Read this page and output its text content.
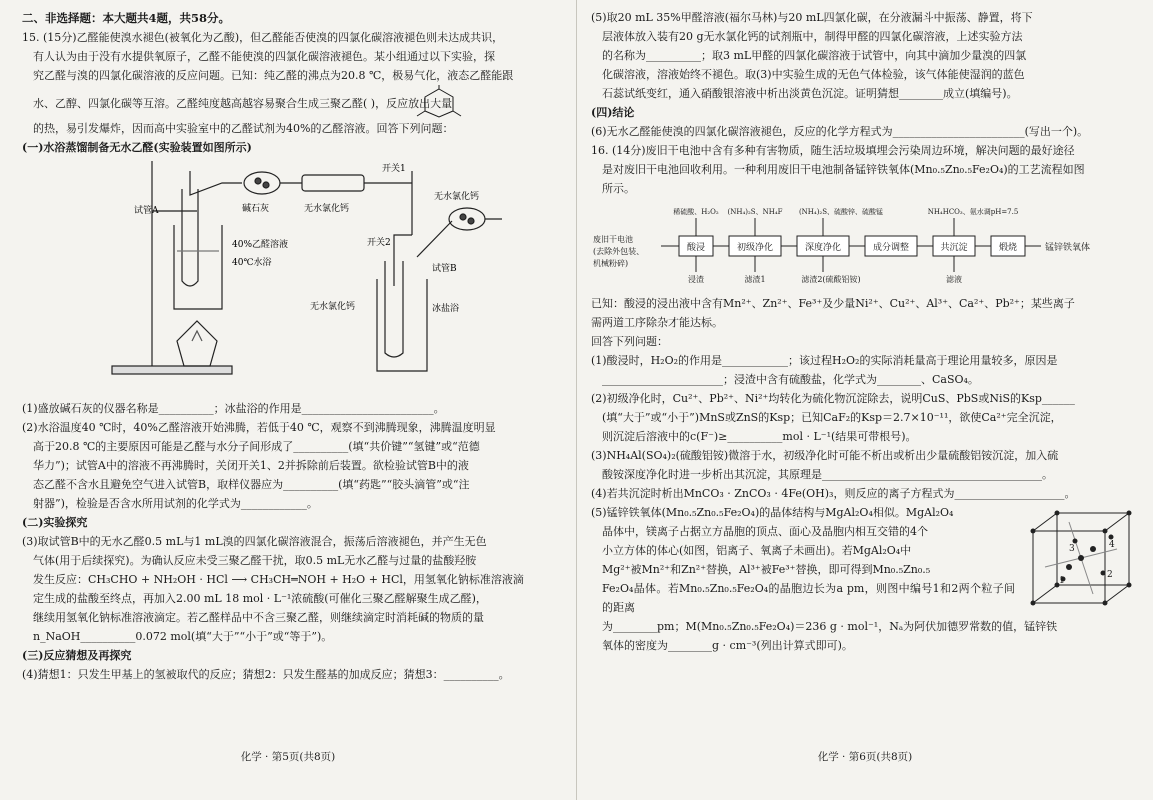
二、非选择题：本大题共4题，共58分。

15. (15分)乙醛能使溴水褪色(被氧化为乙酸)，但乙醛能否使溴的四氯化碳溶液褪色则未达成共识，

有人认为由于没有水提供氧原子，乙醛不能使溴的四氯化碳溶液褪色。某小组通过以下实验，探

究乙醛与溴的四氯化碳溶液的反应问题。已知：纯乙醛的沸点为20.8 ℃，极易气化，液态乙醛能跟

水、乙醇、四氯化碳等互溶。乙醛纯度越高越容易聚合生成三聚乙醛( )，反应放出大量

的热，易引发爆炸，因而高中实验室中的乙醛试剂为40%的乙醛溶液。回答下列问题：

(一)水浴蒸馏制备无水乙醛(实验装置如图所示)

试管A	碱石灰	无水氯化钙
开关1
开关2
无水氯化钙
40%乙醛溶液
40℃水浴
试管B
无水氯化钙	冰盐浴

(1)盛放碱石灰的仪器名称是__________；冰盐浴的作用是________________________。

(2)水浴温度40 ℃时，40%乙醛溶液开始沸腾，若低于40 ℃，观察不到沸腾现象，沸腾温度明显

高于20.8 ℃的主要原因可能是乙醛与水分子间形成了__________(填“共价键”“氢键”或“范德

华力”)；试管A中的溶液不再沸腾时，关闭开关1、2并拆除前后装置。欲检验试管B中的液

态乙醛不含水且避免空气进入试管B，取样仪器应为__________(填“药匙”“胶头滴管”或“注

射器”)，检验是否含水所用试剂的化学式为____________。

(二)实验探究

(3)取试管B中的无水乙醛0.5 mL与1 mL溴的四氯化碳溶液混合，振荡后溶液褪色，并产生无色

气体(用于后续探究)。为确认反应未受三聚乙醛干扰，取0.5 mL无水乙醛与过量的盐酸羟胺

发生反应：CH₃CHO + NH₂OH · HCl ⟶ CH₃CH═NOH + H₂O + HCl，用氢氧化钠标准溶液滴

定生成的盐酸至终点，再加入2.00 mL 18 mol · L⁻¹浓硫酸(可催化三聚乙醛解聚生成乙醛)，

继续用氢氧化钠标准溶液滴定。若乙醛样品中不含三聚乙醛，则继续滴定时消耗碱的物质的量

n_NaOH__________0.072 mol(填“大于”“小于”或“等于”)。

(三)反应猜想及再探究

(4)猜想1：只发生甲基上的氢被取代的反应；猜想2：只发生醛基的加成反应；猜想3：__________。

化学 · 第5页(共8页)

(5)取20 mL 35%甲醛溶液(福尔马林)与20 mL四氯化碳，在分液漏斗中振荡、静置，将下

层液体放入装有20 g无水氯化钙的试剂瓶中，制得甲醛的四氯化碳溶液，上述实验方法

的名称为__________；取3 mL甲醛的四氯化碳溶液于试管中，向其中滴加少量溴的四氯

化碳溶液，溶液始终不褪色。取(3)中实验生成的无色气体检验，该气体能使湿润的蓝色

石蕊试纸变红，通入硝酸银溶液中析出淡黄色沉淀。证明猜想________成立(填编号)。

(四)结论

(6)无水乙醛能使溴的四氯化碳溶液褪色，反应的化学方程式为________________________(写出一个)。

16. (14分)废旧干电池中含有多种有害物质，随生活垃圾填埋会污染周边环境，解决问题的最好途径

是对废旧干电池回收利用。一种利用废旧干电池制备锰锌铁氧体(Mn₀.₅Zn₀.₅Fe₂O₄)的工艺流程如图

所示。

废旧干电池
(去除外包装、
机械粉碎)
酸浸	初级净化	深度净化	成分调整	共沉淀	煅烧
稀硫酸、H₂O₂ (NH₄)₂S、NH₄F (NH₄)₂S、硫酸锌、硫酸锰	NH₄HCO₃、氨水调pH=7.5
浸渣	滤渣1	滤渣2(硫酸铝铵)	滤液
锰锌铁氧体

已知：酸浸的浸出液中含有Mn²⁺、Zn²⁺、Fe³⁺及少量Ni²⁺、Cu²⁺、Al³⁺、Ca²⁺、Pb²⁺；某些离子

需两道工序除杂才能达标。

回答下列问题：

(1)酸浸时，H₂O₂的作用是____________；该过程H₂O₂的实际消耗量高于理论用量较多，原因是

______________________；浸渣中含有硫酸盐，化学式为________、CaSO₄。

(2)初级净化时，Cu²⁺、Pb²⁺、Ni²⁺均转化为硫化物沉淀除去，说明CuS、PbS或NiS的Ksp______

(填“大于”或“小于”)MnS或ZnS的Ksp；已知CaF₂的Ksp＝2.7×10⁻¹¹，欲使Ca²⁺完全沉淀，

则沉淀后溶液中的c(F⁻)≥__________mol · L⁻¹(结果可带根号)。

(3)NH₄Al(SO₄)₂(硫酸铝铵)微溶于水，初级净化时可能不析出或析出少量硫酸铝铵沉淀，加入硫

酸铵深度净化时进一步析出其沉淀，其原理是________________________________________。

(4)若共沉淀时析出MnCO₃ · ZnCO₃ · 4Fe(OH)₃，则反应的离子方程式为____________________。

1
2
3	4

(5)锰锌铁氧体(Mn₀.₅Zn₀.₅Fe₂O₄)的晶体结构与MgAl₂O₄相似。MgAl₂O₄

晶体中，镁离子占据立方晶胞的顶点、面心及晶胞内相互交错的4个

小立方体的体心(如图，铝离子、氧离子未画出)。若MgAl₂O₄中

Mg²⁺被Mn²⁺和Zn²⁺替换，Al³⁺被Fe³⁺替换，即可得到Mn₀.₅Zn₀.₅

Fe₂O₄晶体。若Mn₀.₅Zn₀.₅Fe₂O₄的晶胞边长为a pm，则图中编号1和2两个粒子间的距离

为________pm；M(Mn₀.₅Zn₀.₅Fe₂O₄)＝236 g · mol⁻¹，Nₐ为阿伏加德罗常数的值，锰锌铁

氧体的密度为________g · cm⁻³(列出计算式即可)。

化学 · 第6页(共8页)
